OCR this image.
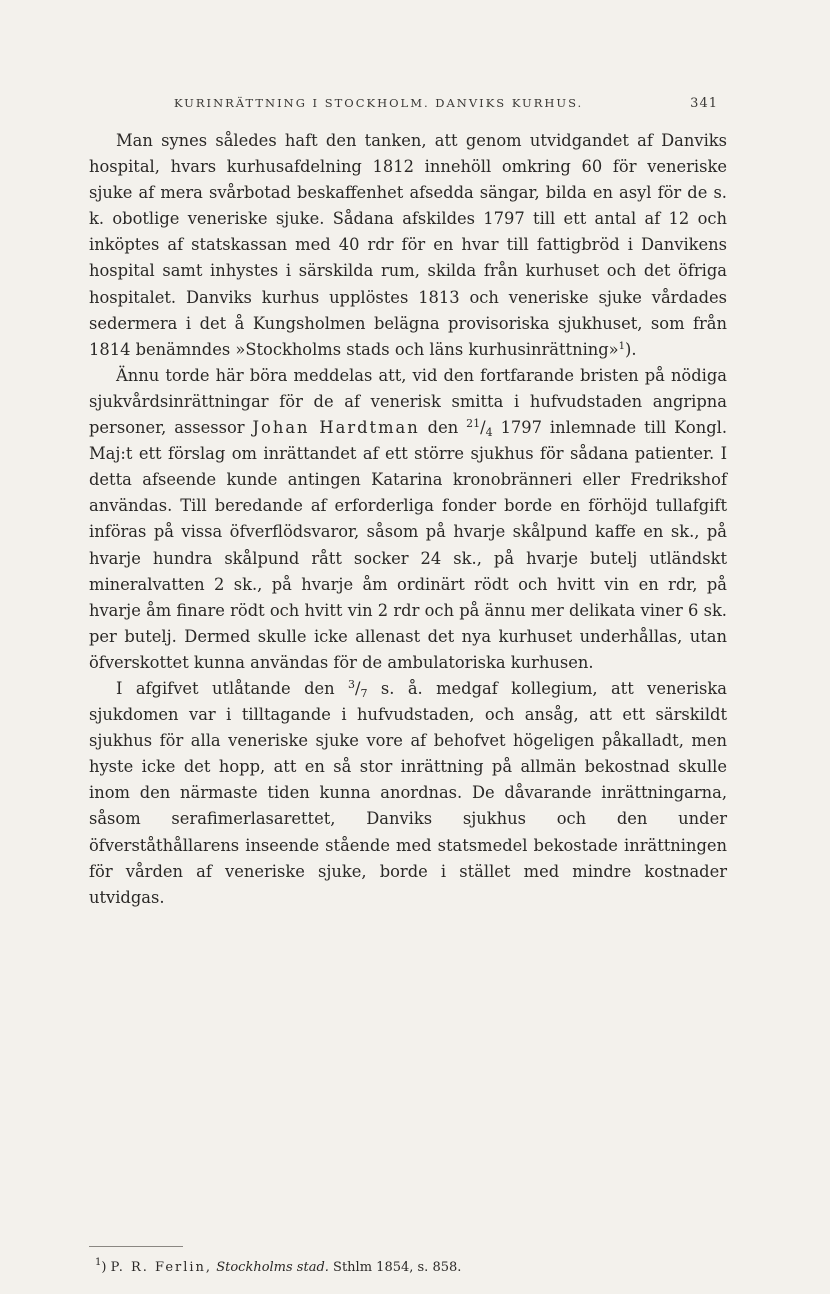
KURINRÄTTNING I STOCKHOLM. DANVIKS KURHUS.	341

Man synes således haft den tanken, att genom utvidgandet af Danviks hospital, hvars kurhusafdelning 1812 innehöll omkring 60 för veneriske sjuke af mera svårbotad beskaffenhet afsedda sängar, bilda en asyl för de s. k. obotlige veneriske sjuke. Sådana afskildes 1797 till ett antal af 12 och inköptes af statskassan med 40 rdr för en hvar till fattigbröd i Danvikens hospital samt inhystes i särskilda rum, skilda från kurhuset och det öfriga hospitalet. Danviks kurhus upplöstes 1813 och veneriske sjuke vårdades sedermera i det å Kungsholmen belägna provisoriska sjukhuset, som från 1814 benämndes »Stockholms stads och läns kurhusinrättning»$^1$).

Ännu torde här böra meddelas att, vid den fortfarande bristen på nödiga sjukvårdsinrättningar för de af venerisk smitta i hufvudstaden angripna personer, assessor Johan Hardtman den $^{21}/_4$ 1797 inlemnade till Kongl. Maj:t ett förslag om inrättandet af ett större sjukhus för sådana patienter. I detta afseende kunde antingen Katarina kronobränneri eller Fredrikshof användas. Till beredande af erforderliga fonder borde en förhöjd tullafgift införas på vissa öfverflödsvaror, såsom på hvarje skålpund kaffe en sk., på hvarje hundra skålpund rått socker 24 sk., på hvarje butelj utländskt mineralvatten 2 sk., på hvarje åm ordinärt rödt och hvitt vin en rdr, på hvarje åm finare rödt och hvitt vin 2 rdr och på ännu mer delikata viner 6 sk. per butelj. Dermed skulle icke allenast det nya kurhuset underhållas, utan öfverskottet kunna användas för de ambulatoriska kurhusen.

I afgifvet utlåtande den $^3/_7$ s. å. medgaf kollegium, att veneriska sjukdomen var i tilltagande i hufvudstaden, och ansåg, att ett särskildt sjukhus för alla veneriske sjuke vore af behofvet högeligen påkalladt, men hyste icke det hopp, att en så stor inrättning på allmän bekostnad skulle inom den närmaste tiden kunna anordnas. De dåvarande inrättningarna, såsom serafimerlasarettet, Danviks sjukhus och den under öfverståthållarens inseende stående med statsmedel bekostade inrättningen för vården af veneriske sjuke, borde i stället med mindre kostnader utvidgas.

$^1$) P. R. Ferlin, Stockholms stad. Sthlm 1854, s. 858.
